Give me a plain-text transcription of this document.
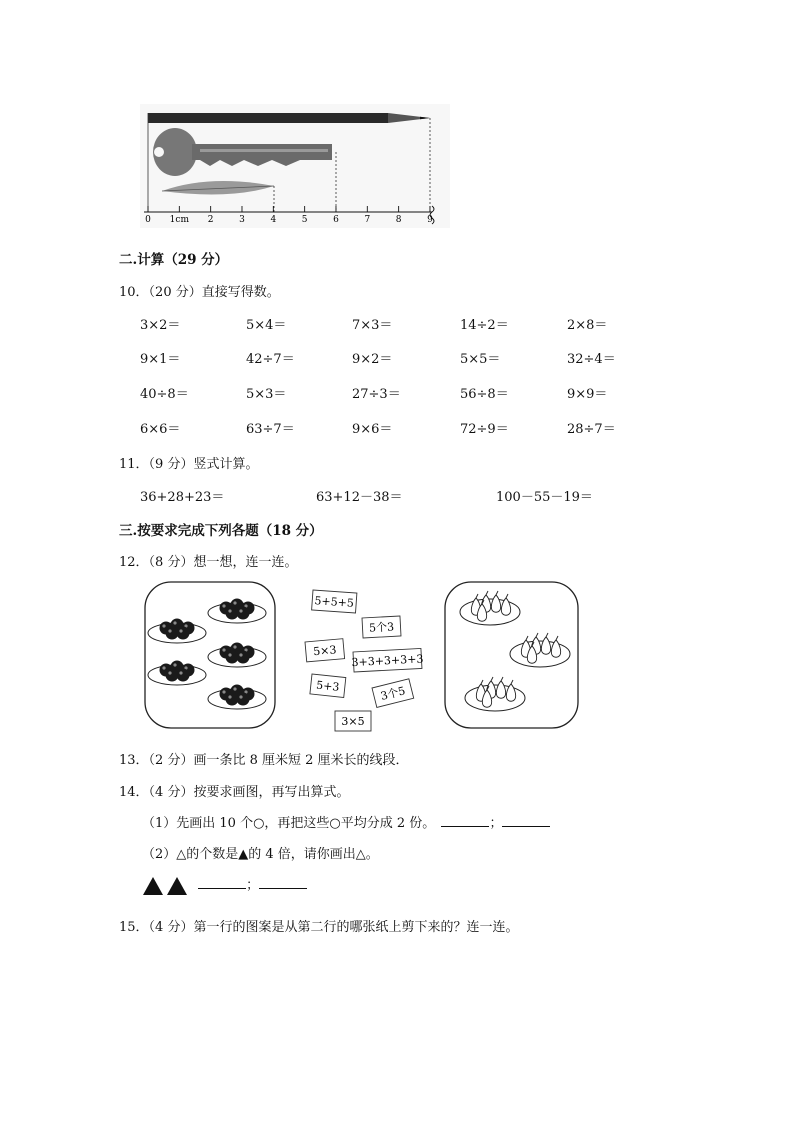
0 1cm 2	3	4	5	6	7	8	9
二.计算（29 分）
10．（20 分）直接写得数。
3×2＝	5×4＝	7×3＝	14÷2＝	2×8＝
9×1＝	42÷7＝	9×2＝	5×5＝	32÷4＝
40÷8＝	5×3＝	27÷3＝	56÷8＝	9×9＝
6×6＝	63÷7＝	9×6＝	72÷9＝	28÷7＝
11．（9 分）竖式计算。
36+28+23＝	63+12－38＝	100－55－19＝
三.按要求完成下列各题（18 分）
12．（8 分）想一想，连一连。
5+5+5
5个3
5×3
3+3+3+3+3
5+3	3个5
3×5
13．（2 分）画一条比 8 厘米短 2 厘米长的线段．
14．（4 分）按要求画图，再写出算式。
（1）先画出 10 个○，再把这些○平均分成 2 份。	；
（2）△的个数是▲的 4 倍，请你画出△。
；
15．（4 分）第一行的图案是从第二行的哪张纸上剪下来的？连一连。
